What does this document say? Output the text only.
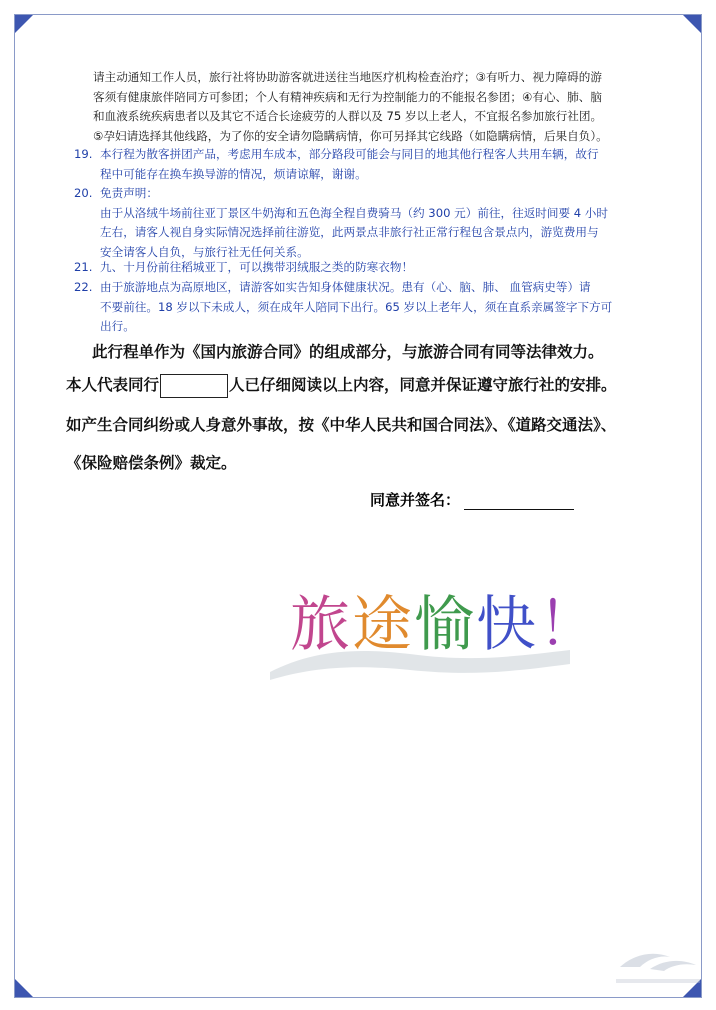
请主动通知工作人员，旅行社将协助游客就进送往当地医疗机构检查治疗；③有听力、视力障碍的游
客须有健康旅伴陪同方可参团；个人有精神疾病和无行为控制能力的不能报名参团；④有心、肺、脑
和血液系统疾病患者以及其它不适合长途疲劳的人群以及 75 岁以上老人，不宜报名参加旅行社团。
⑤孕妇请选择其他线路，为了你的安全请勿隐瞒病情，你可另择其它线路（如隐瞒病情，后果自负）。
19. 本行程为散客拼团产品，考虑用车成本，部分路段可能会与同目的地其他行程客人共用车辆，故行
程中可能存在换车换导游的情况，烦请谅解，谢谢。
20. 免责声明：
由于从洛绒牛场前往亚丁景区牛奶海和五色海全程自费骑马（约 300 元）前往，往返时间要 4 小时
左右，请客人视自身实际情况选择前往游览，此两景点非旅行社正常行程包含景点内，游览费用与
安全请客人自负，与旅行社无任何关系。
21. 九、十月份前往稻城亚丁，可以携带羽绒服之类的防寒衣物！
22. 由于旅游地点为高原地区，请游客如实告知身体健康状况。患有（心、脑、肺、 血管病史等）请
不要前往。18 岁以下未成人，须在成年人陪同下出行。65 岁以上老年人，须在直系亲属签字下方可
出行。
此行程单作为《国内旅游合同》的组成部分，与旅游合同有同等法律效力。
本人代表同行	人已仔细阅读以上内容，同意并保证遵守旅行社的安排。
如产生合同纠纷或人身意外事故，按《中华人民共和国合同法》、《道路交通法》、
《保险赔偿条例》裁定。
同意并签名：
旅途愉快！
